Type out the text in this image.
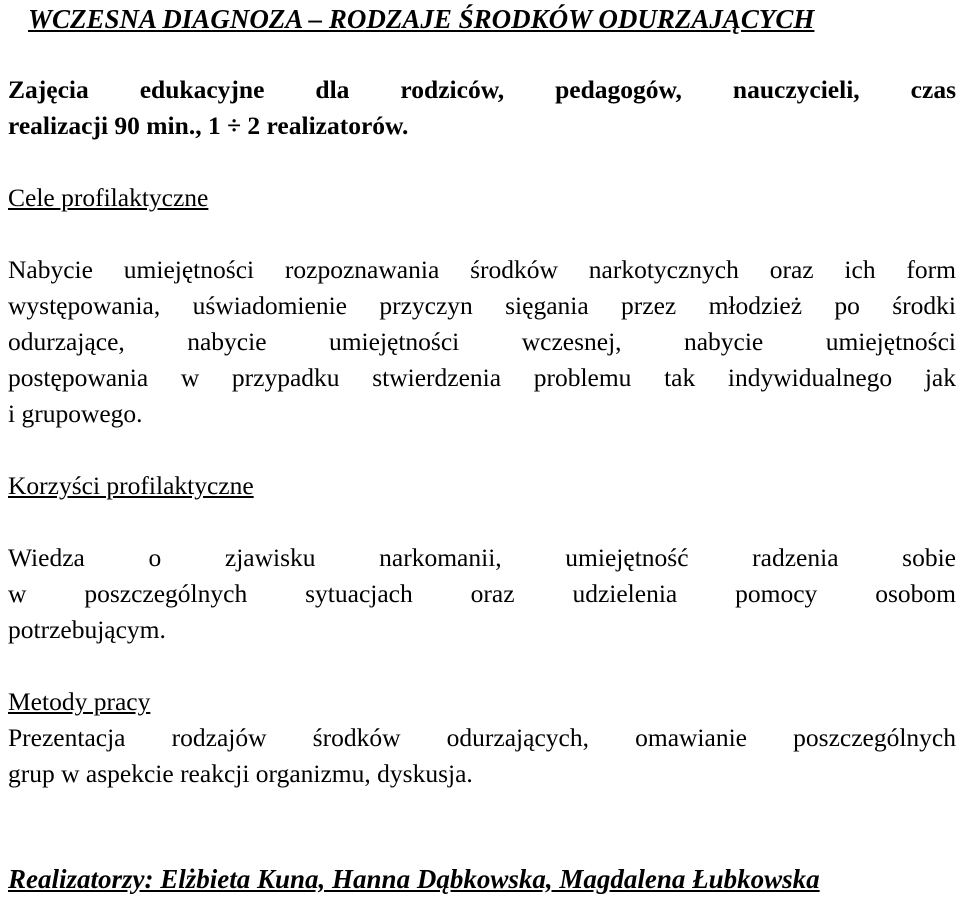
WCZESNA DIAGNOZA – RODZAJE ŚRODKÓW ODURZAJĄCYCH
Zajęcia edukacyjne dla rodziców, pedagogów, nauczycieli, czas
realizacji 90 min., 1 ÷ 2 realizatorów.
Cele profilaktyczne
Nabycie umiejętności rozpoznawania środków narkotycznych oraz ich form
występowania, uświadomienie przyczyn sięgania przez młodzież po środki
odurzające, nabycie umiejętności wczesnej, nabycie umiejętności
postępowania w przypadku stwierdzenia problemu tak indywidualnego jak
i grupowego.
Korzyści profilaktyczne
Wiedza o zjawisku narkomanii, umiejętność radzenia sobie
w poszczególnych sytuacjach oraz udzielenia pomocy osobom
potrzebującym.
Metody pracy
Prezentacja rodzajów środków odurzających, omawianie poszczególnych
grup w aspekcie reakcji organizmu, dyskusja.
Realizatorzy: Elżbieta Kuna, Hanna Dąbkowska, Magdalena Łubkowska
